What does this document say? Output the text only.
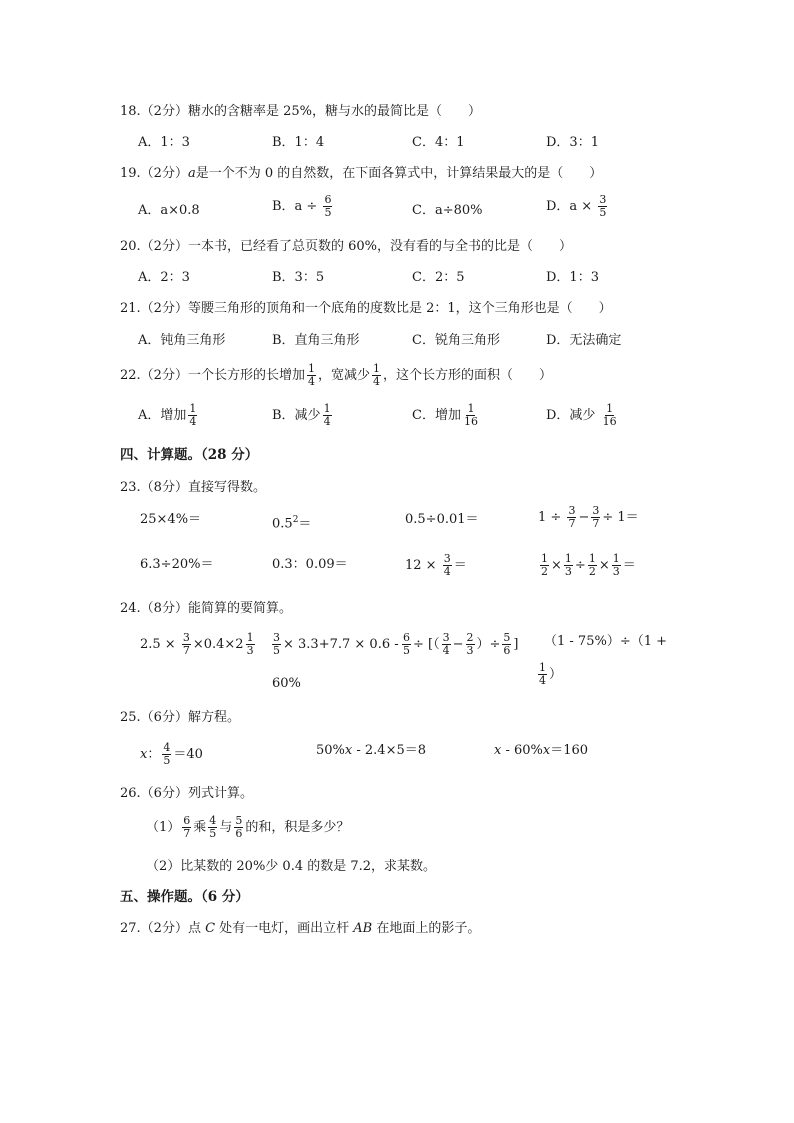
18.（2分）糖水的含糖率是 25%，糖与水的最简比是（　　）
A．1：3	B．1：4	C．4：1	D．3：1
19.（2分）a是一个不为 0 的自然数，在下面各算式中，计算结果最大的是（　　）
A．a×0.8	B．$a \div \frac{6}{5}$	C．a÷80%	D．$a \times \frac{3}{5}$
20.（2分）一本书，已经看了总页数的 60%，没有看的与全书的比是（　　）
A．2：3	B．3：5	C．2：5	D．1：3
21.（2分）等腰三角形的顶角和一个底角的度数比是 2：1，这个三角形也是（　　）
A．钝角三角形	B．直角三角形	C．锐角三角形	D．无法确定
22.（2分）一个长方形的长增加 $\frac{1}{4}$ ，宽减少 $\frac{1}{4}$ ，这个长方形的面积（　　）
A．增加 $\frac{1}{4}$	B．减少 $\frac{1}{4}$	C．增加 $\frac{1}{16}$	D．减少 $\frac{1}{16}$
四、计算题。（28 分）
23.（8分）直接写得数。
25×4%＝	$0.5^2=$	0.5÷0.01＝	$1 \div \frac{3}{7} - \frac{3}{7} \div 1=$
6.3÷20%＝	0.3：0.09＝	$12 \times \frac{3}{4}$ ＝	$\frac{1}{2} \times \frac{1}{3} \div \frac{1}{2} \times \frac{1}{3}$ ＝
24.（8分）能简算的要简算。
$2.5 \times \frac{3}{7} \times 0.4\times 2 \frac{1}{3} \frac{3}{5} \times 3.3+7.7 \times 0.6$ -
60%
$\frac{6}{5}$ ÷ [（ $\frac{3}{4} - \frac{2}{3}$ ）÷ $\frac{5}{6}$ ] （1 - 75%）÷（1 +
$\frac{1}{4}$ ）
25.（6分）解方程。
x： $\frac{4}{5} =40$	50%x - 2.4×5＝8	x - 60%x＝160
26.（6分）列式计算。
$(1) \frac{6}{7}$ 乘 $\frac{4}{5}$ 与 $\frac{5}{6}$ 的和，积是多少？
（2）比某数的 20%少 0.4 的数是 7.2，求某数。
五、操作题。（6 分）
27.（2分）点 C 处有一电灯，画出立杆 AB 在地面上的影子。
